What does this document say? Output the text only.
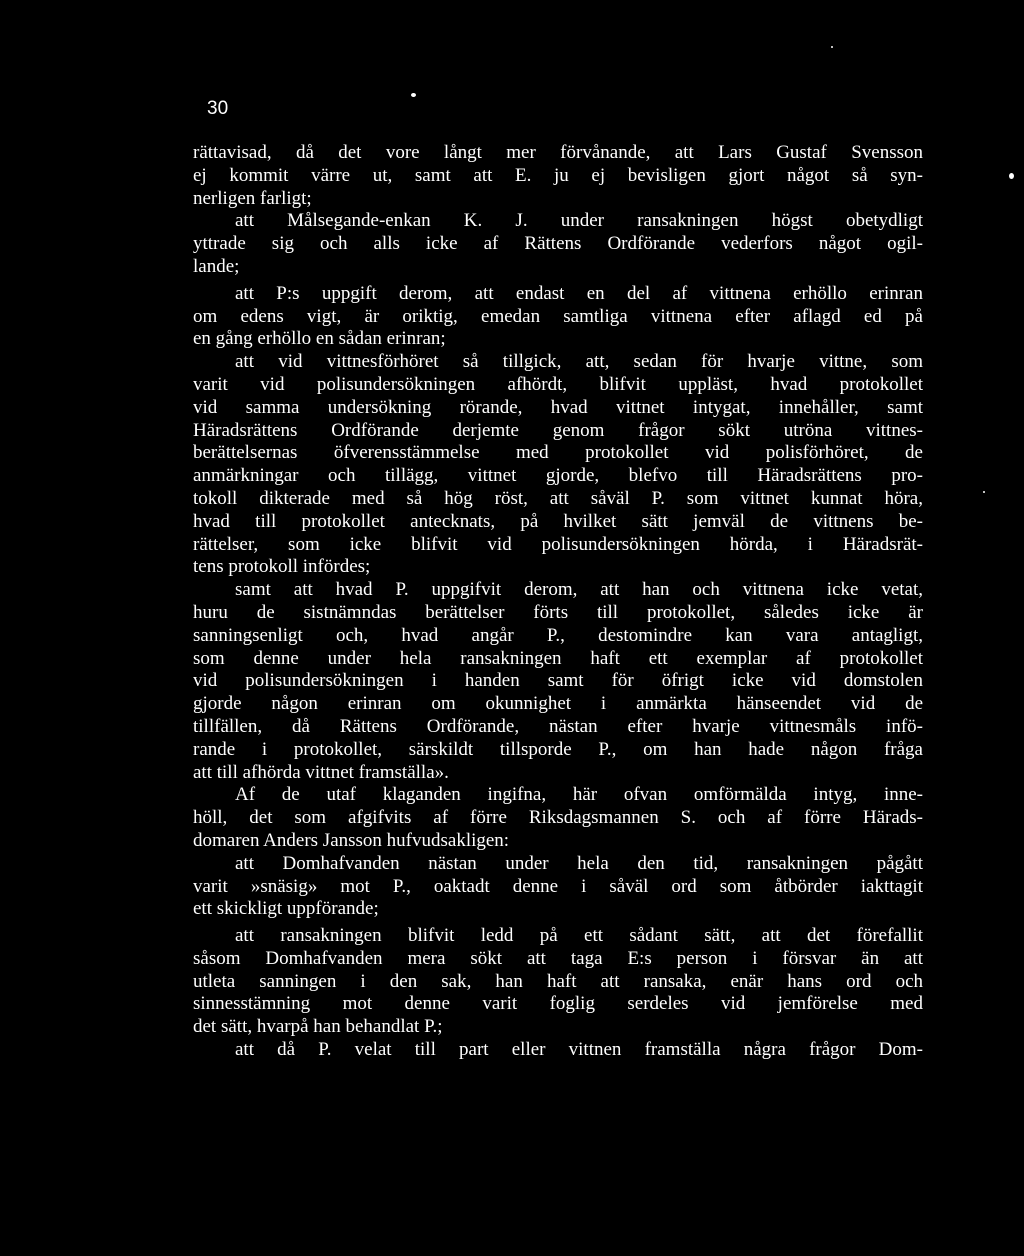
30
rättavisad, då det vore långt mer förvånande, att Lars Gustaf Svensson
ej kommit värre ut, samt att E. ju ej bevisligen gjort något så syn-
nerligen farligt;
att Målsegande-enkan K. J. under ransakningen högst obetydligt
yttrade sig och alls icke af Rättens Ordförande vederfors något ogil-
lande;
att P:s uppgift derom, att endast en del af vittnena erhöllo erinran
om edens vigt, är oriktig, emedan samtliga vittnena efter aflagd ed på
en gång erhöllo en sådan erinran;
att vid vittnesförhöret så tillgick, att, sedan för hvarje vittne, som
varit vid polisundersökningen afhördt, blifvit uppläst, hvad protokollet
vid samma undersökning rörande, hvad vittnet intygat, innehåller, samt
Häradsrättens Ordförande derjemte genom frågor sökt utröna vittnes-
berättelsernas öfverensstämmelse med protokollet vid polisförhöret, de
anmärkningar och tillägg, vittnet gjorde, blefvo till Häradsrättens pro-
tokoll dikterade med så hög röst, att såväl P. som vittnet kunnat höra,
hvad till protokollet antecknats, på hvilket sätt jemväl de vittnens be-
rättelser, som icke blifvit vid polisundersökningen hörda, i Häradsrät-
tens protokoll infördes;
samt att hvad P. uppgifvit derom, att han och vittnena icke vetat,
huru de sistnämndas berättelser förts till protokollet, således icke är
sanningsenligt och, hvad angår P., destomindre kan vara antagligt,
som denne under hela ransakningen haft ett exemplar af protokollet
vid polisundersökningen i handen samt för öfrigt icke vid domstolen
gjorde någon erinran om okunnighet i anmärkta hänseendet vid de
tillfällen, då Rättens Ordförande, nästan efter hvarje vittnesmåls infö-
rande i protokollet, särskildt tillsporde P., om han hade någon fråga
att till afhörda vittnet framställa».
Af de utaf klaganden ingifna, här ofvan omförmälda intyg, inne-
höll, det som afgifvits af förre Riksdagsmannen S. och af förre Härads-
domaren Anders Jansson hufvudsakligen:
att Domhafvanden nästan under hela den tid, ransakningen pågått
varit »snäsig» mot P., oaktadt denne i såväl ord som åtbörder iakttagit
ett skickligt uppförande;
att ransakningen blifvit ledd på ett sådant sätt, att det förefallit
såsom Domhafvanden mera sökt att taga E:s person i försvar än att
utleta sanningen i den sak, han haft att ransaka, enär hans ord och
sinnesstämning mot denne varit foglig serdeles vid jemförelse med
det sätt, hvarpå han behandlat P.;
att då P. velat till part eller vittnen framställa några frågor Dom-
